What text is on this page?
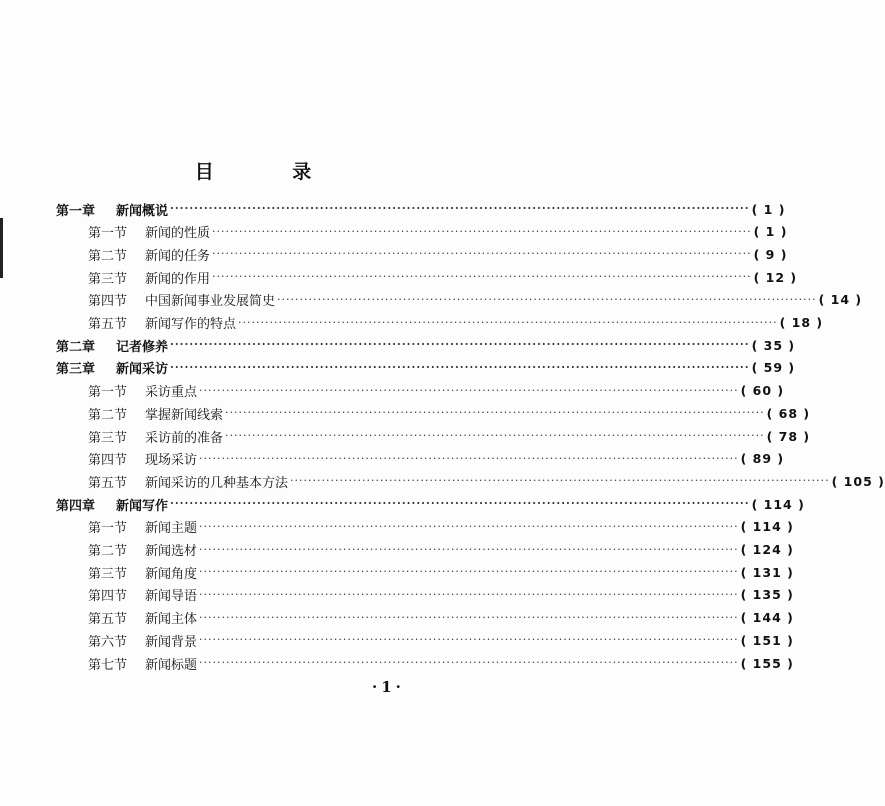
目 录
第一章	新闻概说 ························································································································ ( 1 )
第一节	新闻的性质 ························································································································ ( 1 )
第二节	新闻的任务 ························································································································ ( 9 )
第三节	新闻的作用 ························································································································ ( 12 )
第四节	中国新闻事业发展简史 ························································································································ ( 14 )
第五节	新闻写作的特点 ························································································································ ( 18 )
第二章	记者修养 ························································································································ ( 35 )
第三章	新闻采访 ························································································································ ( 59 )
第一节	采访重点 ························································································································ ( 60 )
第二节	掌握新闻线索 ························································································································ ( 68 )
第三节	采访前的准备 ························································································································ ( 78 )
第四节	现场采访 ························································································································ ( 89 )
第五节	新闻采访的几种基本方法 ························································································································ ( 105 )
第四章	新闻写作 ························································································································ ( 114 )
第一节	新闻主题 ························································································································ ( 114 )
第二节	新闻选材 ························································································································ ( 124 )
第三节	新闻角度 ························································································································ ( 131 )
第四节	新闻导语 ························································································································ ( 135 )
第五节	新闻主体 ························································································································ ( 144 )
第六节	新闻背景 ························································································································ ( 151 )
第七节	新闻标题 ························································································································ ( 155 )
·1·
